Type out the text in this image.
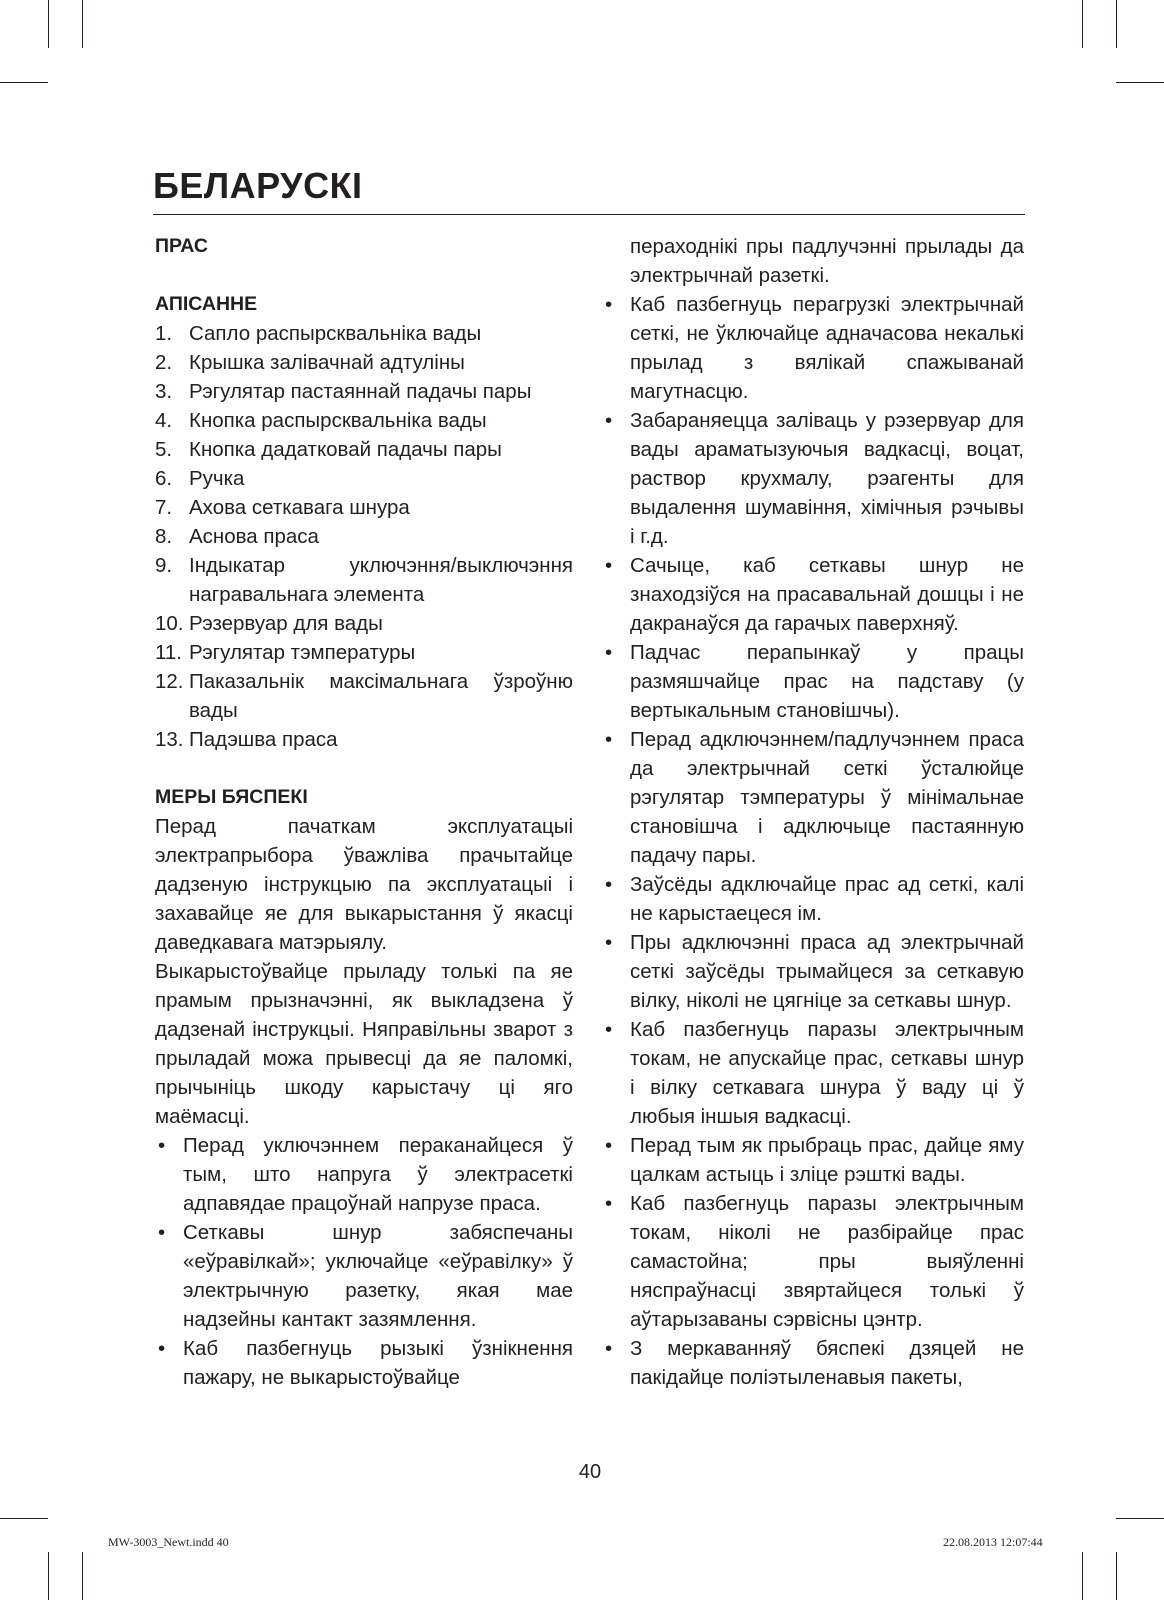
БЕЛАРУСКІ

ПРАС

АПІСАННЕ

1. Сапло распырсквальніка вады
2. Крышка залівачнай адтуліны
3. Рэгулятар пастаяннай падачы пары
4. Кнопка распырсквальніка вады
5. Кнопка дадатковай падачы пары
6. Ручка
7. Ахова сеткавага шнура
8. Аснова праса
9. Індыкатар уключэння/выключэння награвальнага элемента
10. Рэзервуар для вады
11. Рэгулятар тэмпературы
12. Паказальнік максімальнага ўзроўню вады
13. Падэшва праса

МЕРЫ БЯСПЕКІ

Перад пачаткам эксплуатацыі электрапрыбора ўважліва прачытайце дадзеную інструкцыю па эксплуатацыі і захавайце яе для выкарыстання ў якасці даведкавага матэрыялу.

Выкарыстоўвайце прыладу толькі па яе прамым прызначэнні, як выкладзена ў дадзенай інструкцыі. Няправільны зварот з прыладай можа прывесці да яе паломкі, прычыніць шкоду карыстачу ці яго маёмасці.

• Перад уключэннем пераканайцеся ў тым, што напруга ў электрасеткі адпавядае працоўнай напрузе праса.
• Сеткавы шнур забяспечаны «еўравілкай»; уключайце «еўравілку» ў электрычную разетку, якая мае надзейны кантакт зазямлення.
• Каб пазбегнуць рызыкі ўзнікнення пажару, не выкарыстоўвайце

пераходнікі пры падлучэнні прылады да электрычнай разеткі.

• Каб пазбегнуць перагрузкі электрычнай сеткі, не ўключайце адначасова некалькі прылад з вялікай спажыванай магутнасцю.
• Забараняецца заліваць у рэзервуар для вады араматызуючыя вадкасці, воцат, раствор крухмалу, рэагенты для выдалення шумавіння, хімічныя рэчывы і г.д.
• Сачыце, каб сеткавы шнур не знаходзіўся на прасавальнай дошцы і не дакранаўся да гарачых паверхняў.
• Падчас перапынкаў у працы размяшчайце прас на падставу (у вертыкальным становішчы).
• Перад адключэннем/падлучэннем праса да электрычнай сеткі ўсталюйце рэгулятар тэмпературы ў мінімальнае становішча і адключыце пастаянную падачу пары.
• Заўсёды адключайце прас ад сеткі, калі не карыстаецеся ім.
• Пры адключэнні праса ад электрычнай сеткі заўсёды трымайцеся за сеткавую вілку, ніколі не цягніце за сеткавы шнур.
• Каб пазбегнуць паразы электрычным токам, не апускайце прас, сеткавы шнур і вілку сеткавага шнура ў ваду ці ў любыя іншыя вадкасці.
• Перад тым як прыбраць прас, дайце яму цалкам астыць і зліце рэшткі вады.
• Каб пазбегнуць паразы электрычным токам, ніколі не разбірайце прас самастойна; пры выяўленні няспраўнасці звяртайцеся толькі ў аўтарызаваны сэрвісны цэнтр.
• З меркаванняў бяспекі дзяцей не пакідайце поліэтыленавыя пакеты,
40
MW-3003_Newt.indd 40	22.08.2013 12:07:44
